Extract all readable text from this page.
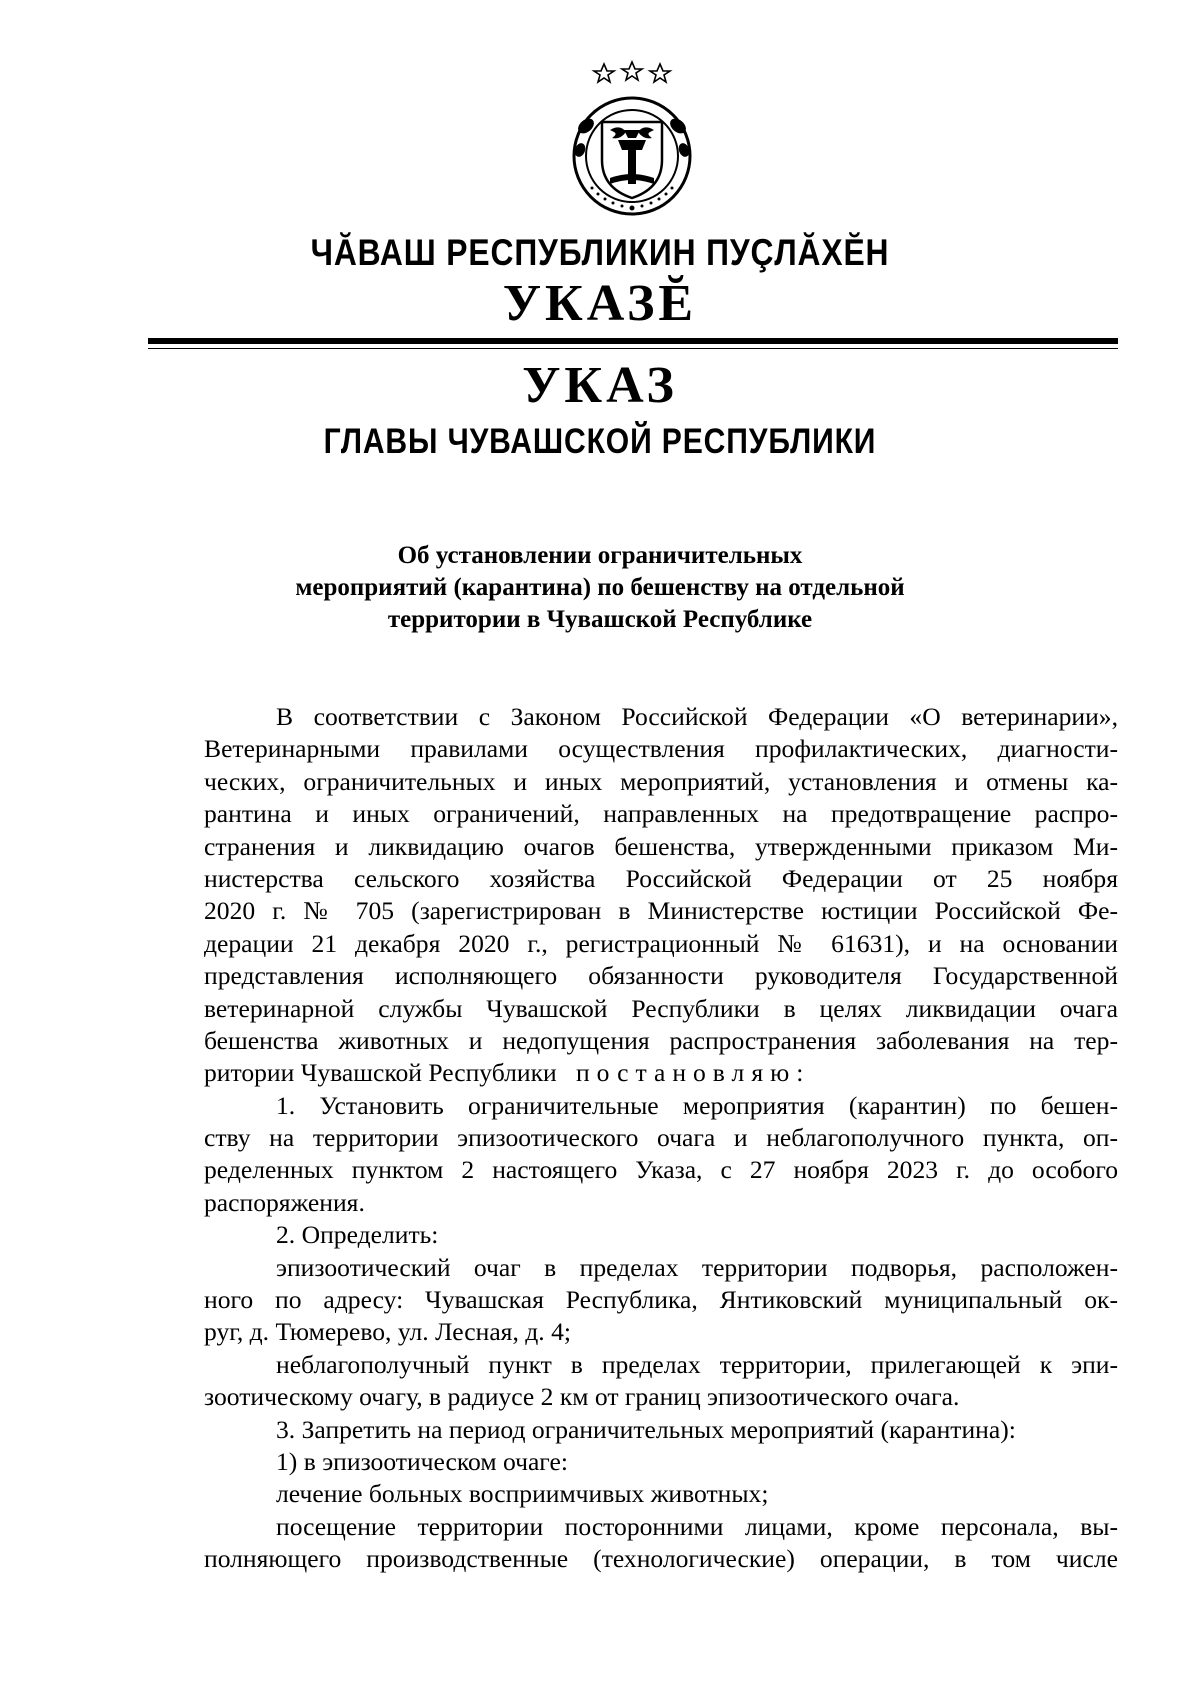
ЧĂВАШ РЕСПУБЛИКИН ПУÇЛĂХĔН
УКАЗĔ
УКАЗ
ГЛАВЫ ЧУВАШСКОЙ РЕСПУБЛИКИ
Об установлении ограничительных
мероприятий (карантина) по бешенству на отдельной
территории в Чувашской Республике
В соответствии с Законом Российской Федерации «О ветеринарии»,
Ветеринарными правилами осуществления профилактических, диагности-
ческих, ограничительных и иных мероприятий, установления и отмены ка-
рантина и иных ограничений, направленных на предотвращение распро-
странения и ликвидацию очагов бешенства, утвержденными приказом Ми-
нистерства сельского хозяйства Российской Федерации от 25 ноября
2020 г. № 705 (зарегистрирован в Министерстве юстиции Российской Фе-
дерации 21 декабря 2020 г., регистрационный № 61631), и на основании
представления исполняющего обязанности руководителя Государственной
ветеринарной службы Чувашской Республики в целях ликвидации очага
бешенства животных и недопущения распространения заболевания на тер-
ритории Чувашской Республики постановляю:
1. Установить ограничительные мероприятия (карантин) по бешен-
ству на территории эпизоотического очага и неблагополучного пункта, оп-
ределенных пунктом 2 настоящего Указа, с 27 ноября 2023 г. до особого
распоряжения.
2. Определить:
эпизоотический очаг в пределах территории подворья, расположен-
ного по адресу: Чувашская Республика, Янтиковский муниципальный ок-
руг, д. Тюмерево, ул. Лесная, д. 4;
неблагополучный пункт в пределах территории, прилегающей к эпи-
зоотическому очагу, в радиусе 2 км от границ эпизоотического очага.
3. Запретить на период ограничительных мероприятий (карантина):
1) в эпизоотическом очаге:
лечение больных восприимчивых животных;
посещение территории посторонними лицами, кроме персонала, вы-
полняющего производственные (технологические) операции, в том числе
